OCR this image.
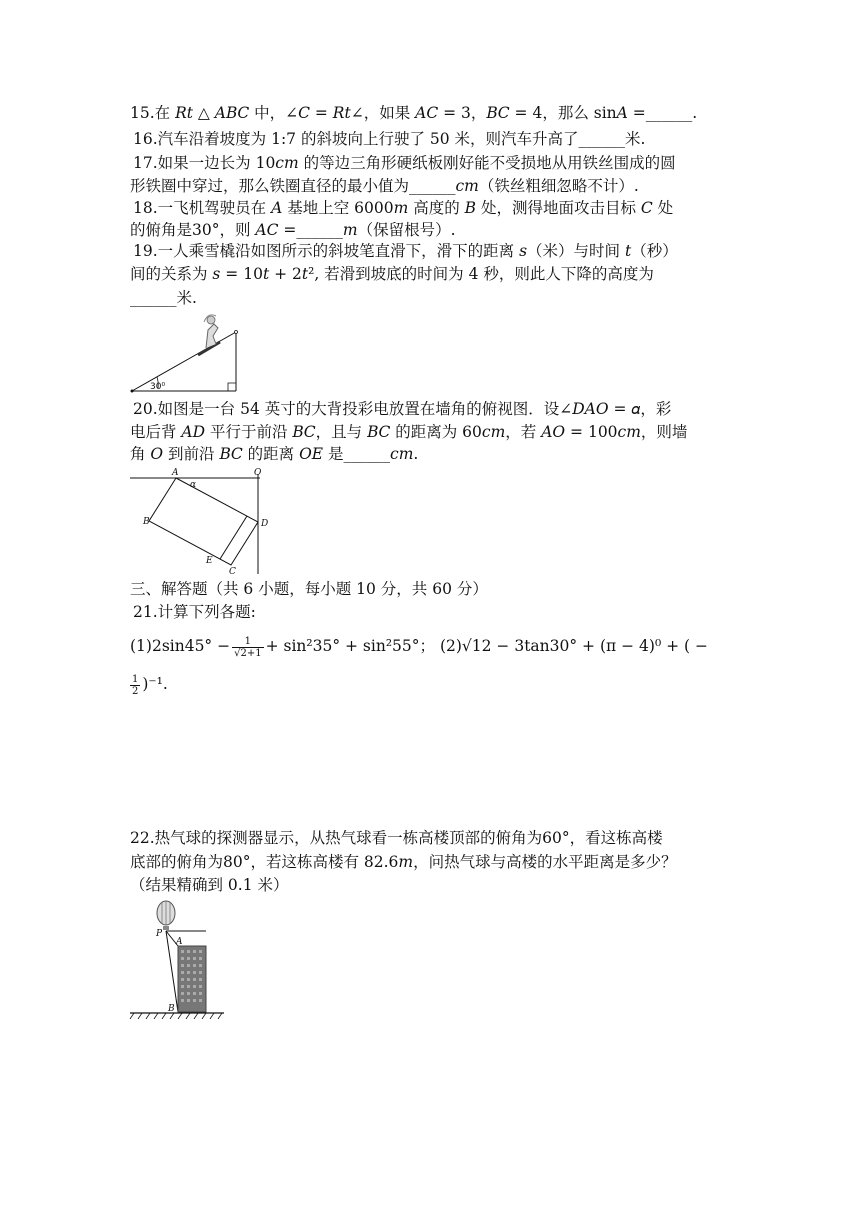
15.在 𝑅𝑡 △ 𝐴𝐵𝐶 中，∠𝐶 = 𝑅𝑡∠，如果 𝐴𝐶 = 3，𝐵𝐶 = 4，那么 sin𝐴 =______.
16.汽车沿着坡度为 1:7 的斜坡向上行驶了 50 米，则汽车升高了______米.
17.如果一边长为 10𝑐𝑚 的等边三角形硬纸板刚好能不受损地从用铁丝围成的圆
形铁圈中穿过，那么铁圈直径的最小值为______𝑐𝑚（铁丝粗细忽略不计）.
18.一飞机驾驶员在 𝐴 基地上空 6000𝑚 高度的 𝐵 处，测得地面攻击目标 𝐶 处
的俯角是30°，则 𝐴𝐶 =______𝑚（保留根号）.
19.一人乘雪橇沿如图所示的斜坡笔直滑下，滑下的距离 𝑠（米）与时间 𝑡（秒）
间的关系为 𝑠 = 10𝑡 + 2𝑡², 若滑到坡底的时间为 4 秒，则此人下降的高度为
______米.
30⁰
20.如图是一台 54 英寸的大背投彩电放置在墙角的俯视图．设∠𝐷𝐴𝑂 = 𝛼，彩
电后背 𝐴𝐷 平行于前沿 𝐵𝐶，且与 𝐵𝐶 的距离为 60𝑐𝑚，若 𝐴𝑂 = 100𝑐𝑚，则墙
角 𝑂 到前沿 𝐵𝐶 的距离 𝑂𝐸 是______𝑐𝑚.
A
α
O
B	D
E
C
三、解答题（共 6 小题，每小题 10 分，共 60 分）
21.计算下列各题:
$(1)2\sin 45^\circ - \frac{1}{√2+1} + \sin^235^\circ + \sin^255^\circ$； (2)√12 − 3tan30° + (π − 4)⁰ + ( −
$\frac{1}{2} )^{-1}$.
22.热气球的探测器显示，从热气球看一栋高楼顶部的俯角为60°，看这栋高楼
底部的俯角为80°，若这栋高楼有 82.6𝑚，问热气球与高楼的水平距离是多少？
（结果精确到 0.1 米）
P
A
B
